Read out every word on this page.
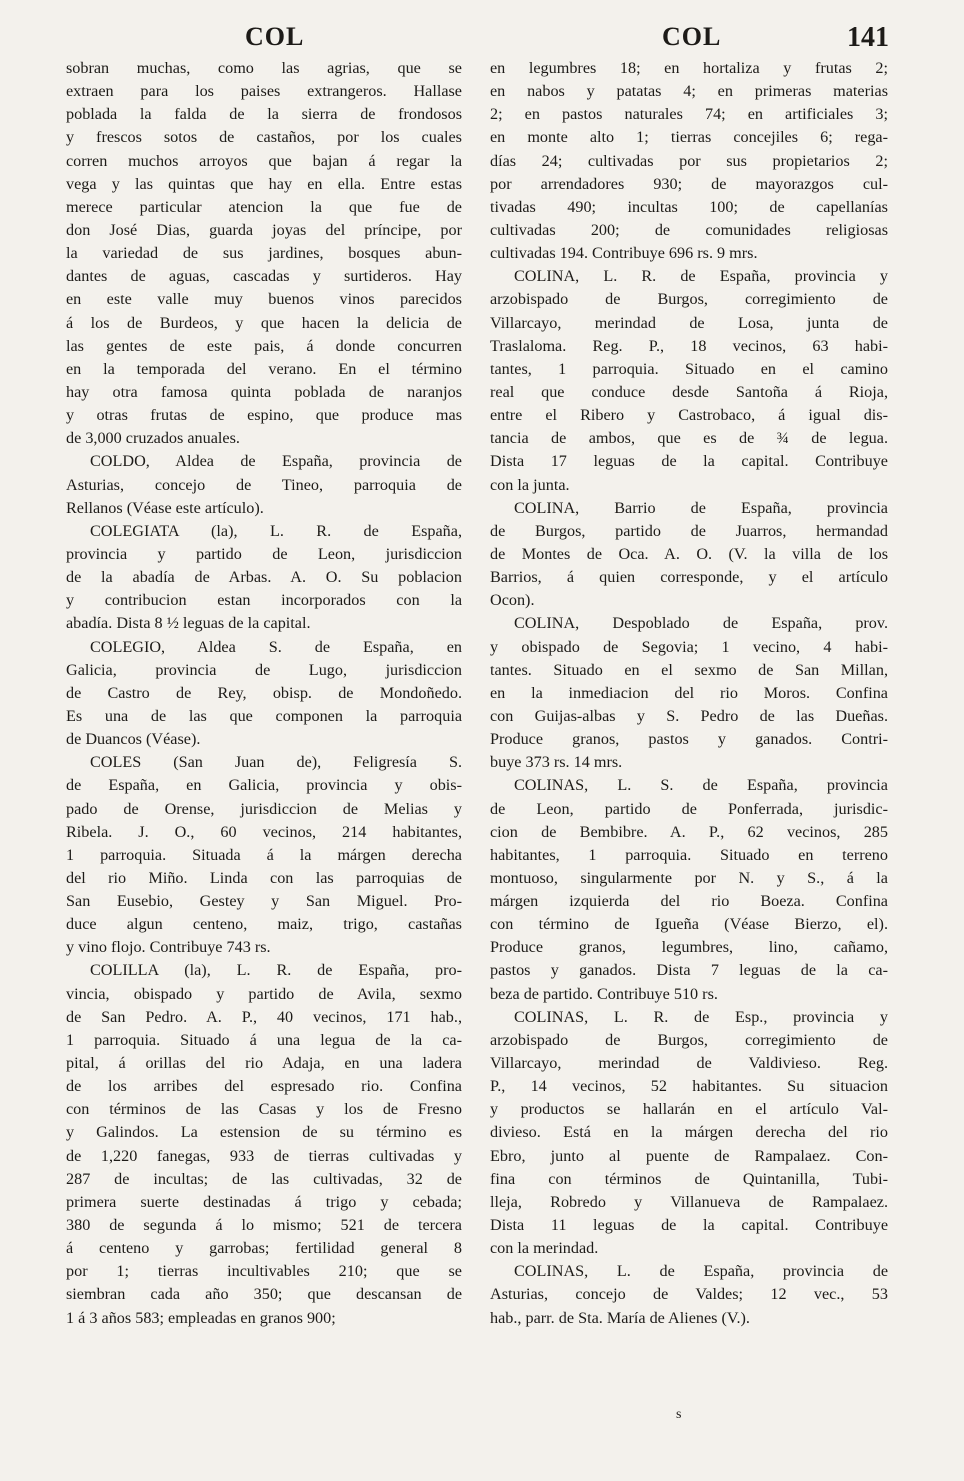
COL	COL	141
sobran muchas, como las agrias, que se
extraen para los paises extrangeros. Hallase
poblada la falda de la sierra de frondosos
y frescos sotos de castaños, por los cuales
corren muchos arroyos que bajan á regar la
vega y las quintas que hay en ella. Entre estas
merece particular atencion la que fue de
don José Dias, guarda joyas del príncipe, por
la variedad de sus jardines, bosques abun-
dantes de aguas, cascadas y surtideros. Hay
en este valle muy buenos vinos parecidos
á los de Burdeos, y que hacen la delicia de
las gentes de este pais, á donde concurren
en la temporada del verano. En el término
hay otra famosa quinta poblada de naranjos
y otras frutas de espino, que produce mas
de 3,000 cruzados anuales.
COLDO, Aldea de España, provincia de
Asturias, concejo de Tineo, parroquia de
Rellanos (Véase este artículo).
COLEGIATA (la), L. R. de España,
provincia y partido de Leon, jurisdiccion
de la abadía de Arbas. A. O. Su poblacion
y contribucion estan incorporados con la
abadía. Dista 8 ½ leguas de la capital.
COLEGIO, Aldea S. de España, en
Galicia, provincia de Lugo, jurisdiccion
de Castro de Rey, obisp. de Mondoñedo.
Es una de las que componen la parroquia
de Duancos (Véase).
COLES (San Juan de), Feligresía S.
de España, en Galicia, provincia y obis-
pado de Orense, jurisdiccion de Melias y
Ribela. J. O., 60 vecinos, 214 habitantes,
1 parroquia. Situada á la márgen derecha
del rio Miño. Linda con las parroquias de
San Eusebio, Gestey y San Miguel. Pro-
duce algun centeno, maiz, trigo, castañas
y vino flojo. Contribuye 743 rs.
COLILLA (la), L. R. de España, pro-
vincia, obispado y partido de Avila, sexmo
de San Pedro. A. P., 40 vecinos, 171 hab.,
1 parroquia. Situado á una legua de la ca-
pital, á orillas del rio Adaja, en una ladera
de los arribes del espresado rio. Confina
con términos de las Casas y los de Fresno
y Galindos. La estension de su término es
de 1,220 fanegas, 933 de tierras cultivadas y
287 de incultas; de las cultivadas, 32 de
primera suerte destinadas á trigo y cebada;
380 de segunda á lo mismo; 521 de tercera
á centeno y garrobas; fertilidad general 8
por 1; tierras incultivables 210; que se
siembran cada año 350; que descansan de
1 á 3 años 583; empleadas en granos 900;
en legumbres 18; en hortaliza y frutas 2;
en nabos y patatas 4; en primeras materias
2; en pastos naturales 74; en artificiales 3;
en monte alto 1; tierras concejiles 6; rega-
días 24; cultivadas por sus propietarios 2;
por arrendadores 930; de mayorazgos cul-
tivadas 490; incultas 100; de capellanías
cultivadas 200; de comunidades religiosas
cultivadas 194. Contribuye 696 rs. 9 mrs.
COLINA, L. R. de España, provincia y
arzobispado de Burgos, corregimiento de
Villarcayo, merindad de Losa, junta de
Traslaloma. Reg. P., 18 vecinos, 63 habi-
tantes, 1 parroquia. Situado en el camino
real que conduce desde Santoña á Rioja,
entre el Ribero y Castrobaco, á igual dis-
tancia de ambos, que es de ¾ de legua.
Dista 17 leguas de la capital. Contribuye
con la junta.
COLINA, Barrio de España, provincia
de Burgos, partido de Juarros, hermandad
de Montes de Oca. A. O. (V. la villa de los
Barrios, á quien corresponde, y el artículo
Ocon).
COLINA, Despoblado de España, prov.
y obispado de Segovia; 1 vecino, 4 habi-
tantes. Situado en el sexmo de San Millan,
en la inmediacion del rio Moros. Confina
con Guijas-albas y S. Pedro de las Dueñas.
Produce granos, pastos y ganados. Contri-
buye 373 rs. 14 mrs.
COLINAS, L. S. de España, provincia
de Leon, partido de Ponferrada, jurisdic-
cion de Bembibre. A. P., 62 vecinos, 285
habitantes, 1 parroquia. Situado en terreno
montuoso, singularmente por N. y S., á la
márgen izquierda del rio Boeza. Confina
con término de Igueña (Véase Bierzo, el).
Produce granos, legumbres, lino, cañamo,
pastos y ganados. Dista 7 leguas de la ca-
beza de partido. Contribuye 510 rs.
COLINAS, L. R. de Esp., provincia y
arzobispado de Burgos, corregimiento de
Villarcayo, merindad de Valdivieso. Reg.
P., 14 vecinos, 52 habitantes. Su situacion
y productos se hallarán en el artículo Val-
divieso. Está en la márgen derecha del rio
Ebro, junto al puente de Rampalaez. Con-
fina con términos de Quintanilla, Tubi-
lleja, Robredo y Villanueva de Rampalaez.
Dista 11 leguas de la capital. Contribuye
con la merindad.
COLINAS, L. de España, provincia de
Asturias, concejo de Valdes; 12 vec., 53
hab., parr. de Sta. María de Alienes (V.).
s
